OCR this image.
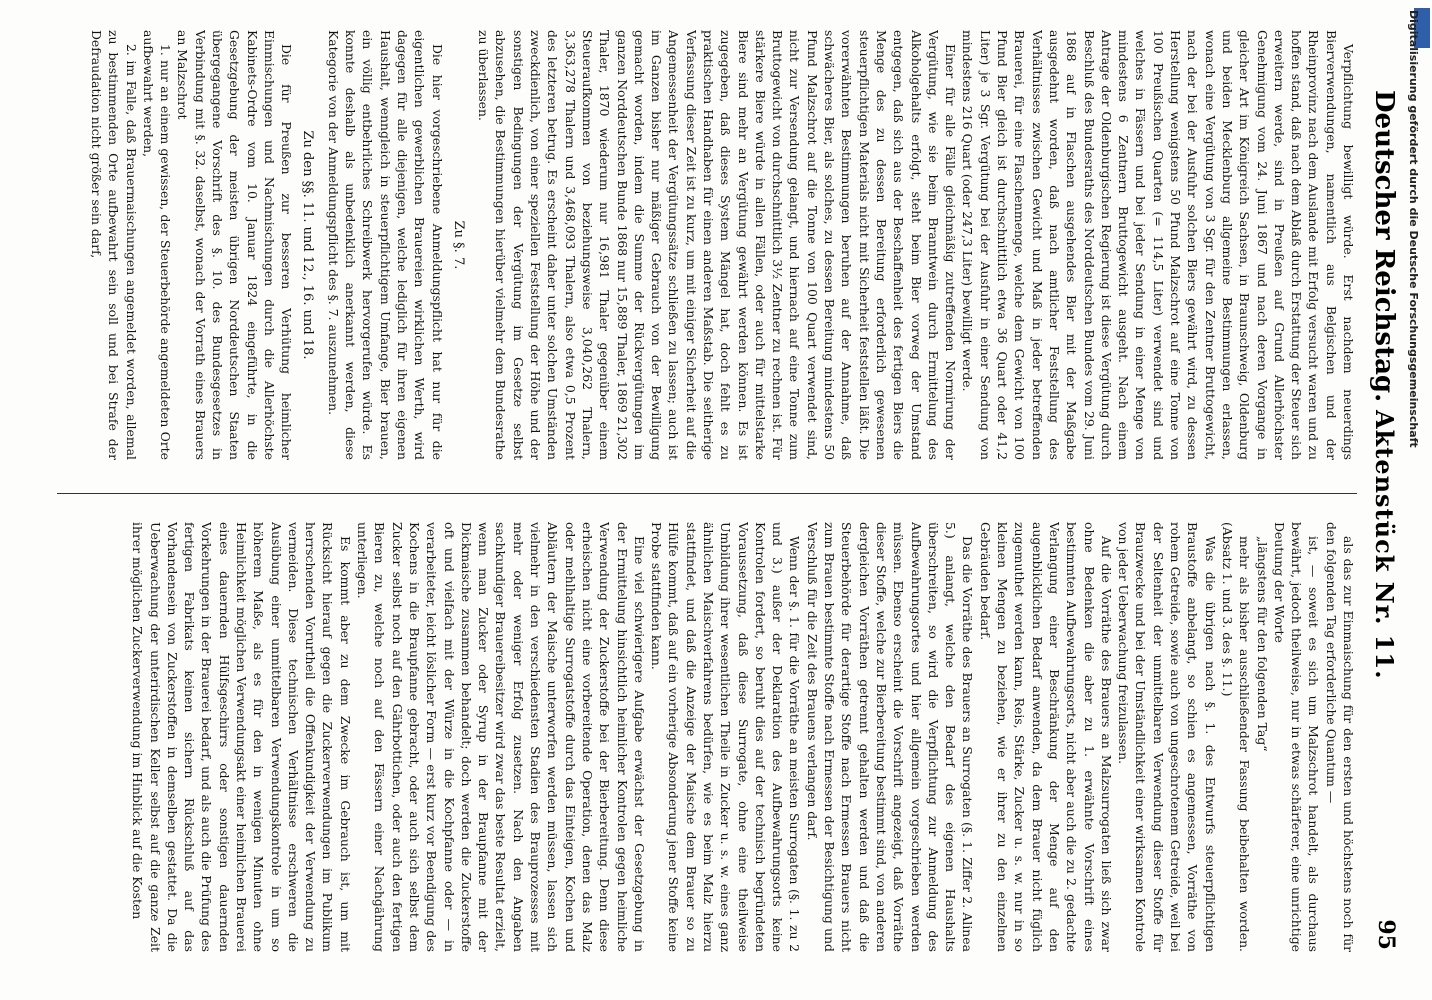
Digitalisierung gefördert durch die Deutsche Forschungsgemeinschaft
Deutscher Reichstag.
Aktenstück Nr. 11.
95

Verpflichtung bewilligt würde. Erst nachdem neuerdings Bierverwendungen, namentlich aus Belgischen und der Rheinprovinz nach dem Auslande mit Erfolg versucht waren und zu hoffen stand, daß nach dem Ablaß durch Erstattung der Steuer sich erweitern werde, sind in Preußen auf Grund Allerhöchster Genehmigung vom 24. Juni 1867 und nach deren Vorgange in gleicher Art im Königreich Sachsen, in Braunschweig, Oldenburg und beiden Mecklenburg allgemeine Bestimmungen erlassen, wonach eine Vergütung von 3 Sgr. für den Zentner Bruttogewicht, nach der bei der Ausfuhr solchen Biers gewährt wird, zu dessen Herstellung wenigstens 50 Pfund Malzschrot auf eine Tonne von 100 Preußischen Quarten (= 114,5 Liter) verwendet sind und welches in Fässern und bei jeder Sendung in einer Menge von mindestens 6 Zentnern Bruttogewicht ausgeht. Nach einem Antrage der Oldenburgischen Regierung ist diese Vergütung durch Beschluß des Bundesraths des Norddeutschen Bundes vom 29. Juni 1868 auf in Flaschen ausgehendes Bier mit der Maßgabe ausgedehnt worden, daß nach amtlicher Feststellung des Verhältnisses zwischen Gewicht und Maß in jeder betreffenden Brauerei, für eine Flaschenmenge, welche dem Gewicht von 100 Pfund Bier gleich ist durchschnittlich etwa 36 Quart oder 41,2 Liter) je 3 Sgr. Vergütung bei der Ausfuhr in einer Sendung von mindestens 216 Quart (oder 247,3 Liter) bewilligt werde.

Einer für alle Fälle gleichmäßig zutreffenden Normirung der Vergütung, wie sie beim Branntwein durch Ermittelung des Alkoholgehalts erfolgt, steht beim Bier vorweg der Umstand entgegen, daß sich aus der Beschaffenheit des fertigen Biers die Menge des zu dessen Bereitung erforderlich gewesenen steuerpflichtigen Materials nicht mit Sicherheit feststellen läßt. Die vorerwähnten Bestimmungen beruhen auf der Annahme, daß schwächeres Bier, als solches, zu dessen Bereitung mindestens 50 Pfund Malzschrot auf die Tonne von 100 Quart verwendet sind, nicht zur Versendung gelangt, und hiernach auf eine Tonne zum Bruttogewicht von durchschnittlich 3½ Zentner zu rechnen ist. Für stärkere Biere würde in allen Fällen, oder auch für mittelstarke Biere sind mehr an Vergütung gewährt werden können. Es ist zugegeben, daß dieses System Mängel hat, doch fehlt es zu praktischen Handhaben für einen anderen Maßstab. Die seitherige Verfassung dieser Zeit ist zu kurz, um mit einiger Sicherheit auf die Angemessenheit der Vergütungssätze schließen zu lassen; auch ist im Ganzen bisher nur mäßiger Gebrauch von der Bewilligung gemacht worden, indem die Summe der Rückvergütungen im ganzen Norddeutschen Bunde 1868 nur 15,889 Thaler, 1869 21,302 Thaler, 1870 wiederum nur 16,981 Thaler gegenüber einem Steueraufkommen von beziehungsweise 3,040,262 Thalern, 3,363,278 Thalern und 3,468,093 Thalern, also etwa 0,5 Prozent des letzteren betrug. Es erscheint daher unter solchen Umständen zweckdienlich, von einer speziellen Feststellung der Höhe und der sonstigen Bedingungen der Vergütung im Gesetze selbst abzusehen, die Bestimmungen hierüber vielmehr dem Bundesrathe zu überlassen.

Zu §. 7.

Die hier vorgeschriebene Anmeldungspflicht hat nur für die eigentlichen gewerblichen Brauereien wirklichen Werth, wird dagegen für alle diejenigen, welche lediglich für ihren eigenen Haushalt, wenngleich in steuerpflichtigem Umfange, Bier brauen, ein völlig entbehrliches Schreibwerk hervorgerufen würde. Es konnte deshalb als unbedenklich anerkannt werden, diese Kategorie von der Anmeldungspflicht des §. 7. auszunehmen.

Zu den §§. 11. und 12., 16. und 18.

Die für Preußen zur besseren Verhütung heimlicher Einmischungen und Nachmischungen durch die Allerhöchste Kabinets-Ordre vom 10. Januar 1824 eingeführte, in die Gesetzgebung der meisten übrigen Norddeutschen Staaten übergegangene Vorschrift des §. 10. des Bundesgesetzes in Verbindung mit §. 32. daselbst, wonach der Vorrath eines Brauers an Malzschrot

1. nur an einem gewissen, der Steuerbehörde angemeldeten Orte aufbewahrt werden,

2. im Falle, daß Brauermaischungen angemeldet worden, allemal zu bestimmenden Orte aufbewahrt sein soll und bei Strafe der Defraudation nicht größer sein darf,

als das zur Einmaischung für den ersten und höchstens noch für den folgenden Tag erforderliche Quantum —

ist, — soweit es sich um Malzschrot handelt, als durchaus bewährt, jedoch theilweise, nur in etwas schärferer, eine unrichtige Deutung der Worte

„längstens für den folgenden Tag“

mehr als bisher ausschließender Fassung beibehalten worden. (Absatz 1. und 3. des §. 11.)

Was die übrigen nach §. 1. des Entwurfs steuerpflichtigen Braustoffe anbelangt, so schien es angemessen, Vorräthe von rohem Getreide, sowie auch von ungeschrotenem Getreide, weil bei der Seltenheit der unmittelbaren Verwendung dieser Stoffe für Brauzwecke und bei der Umständlichkeit einer wirksamen Kontrole von jeder Ueberwachung freizulassen.

Auf die Vorräthe des Brauers an Malzsurrogaten ließ sich zwar ohne Bedenken die aber zu 1. erwähnte Vorschrift eines bestimmten Aufbewahrungsorts, nicht aber auch die zu 2. gedachte Verlangung einer Beschränkung der Menge auf den augenblicklichen Bedarf anwenden, da dem Brauer nicht füglich zugemuthet werden kann, Reis, Stärke, Zucker u. s. w. nur in so kleinen Mengen zu beziehen, wie er ihrer zu den einzelnen Gebräuden bedarf.

Das die Vorräthe des Brauers an Surrogaten (§. 1. Ziffer 2. Alinea 5.) anlangt, welche den Bedarf des eigenen Haushalts überschreiten, so wird die Verpflichtung zur Anmeldung des Aufbewahrungsortes und hier allgemein vorgeschrieben werden müssen. Ebenso erscheint die Vorschrift angezeigt, daß Vorräthe dieser Stoffe, welche zur Bierbereitung bestimmt sind, von anderen dergleichen Vorräthen getrennt gehalten werden und daß die Steuerbehörde für derartige Stoffe nach Ermessen Brauers nicht zum Brauen bestimmte Stoffe nach Ermessen der Besichtigung und Verschluß für die Zeit des Brauens verlangen darf.

Wenn der §. 1. für die Vorräthe an meisten Surrogaten (§. 1. zu 2 und 3.) außer der Deklaration des Aufbewahrungsorts keine Kontrolen fordert, so beruht dies auf der technisch begründeten Voraussetzung, daß diese Surrogate, ohne eine theilweise Umbildung ihrer wesentlichen Theile in Zucker u. s. w. eines ganz ähnlichen Maischverfahrens bedürfen, wie es beim Malz hierzu stattfindet, und daß die Anzeige der Maische dem Brauer so zu Hülfe kommt, daß auf ein vorherige Absonderung jener Stoffe keine Probe stattfinden kann.

Eine viel schwierigere Aufgabe erwächst der Gesetzgebung in der Ermittelung hinsichtlich heimlicher Kontrolen gegen heimliche Verwendung der Zuckerstoffe bei der Bierbereitung. Denn diese erheischen nicht eine vorbereitende Operation, denen das Malz oder mehlhaltige Surrogatstoffe durch das Einteigen, Kochen und Abläutern der Maische unterworfen werden müssen, lassen sich vielmehr in den verschiedensten Stadien des Brauprozesses mit mehr oder weniger Erfolg zusetzen. Nach den Angaben sachkundiger Brauereibesitzer wird zwar das beste Resultat erzielt, wenn man Zucker oder Syrup in der Braupfanne mit der Dickmaische zusammen behandelt; doch werden die Zuckerstoffe oft und vielfach mit der Würze in die Kochpfanne oder — in verarbeiteter, leicht löslicher Form — erst kurz vor Beendigung des Kochens in die Braupfanne gebracht, oder auch sich selbst dem Zucker selbst noch auf den Gährbottichen, oder auch den fertigen Bieren zu, welche noch auf den Fässern einer Nachgährung unterliegen.

Es kommt aber zu dem Zwecke im Gebrauch ist, um mit Rücksicht hierauf gegen die Zuckerverwendungen im Publikum herrschenden Vorurtheil die Offenkundigkeit der Verwendung zu vermeiden. Diese technischen Verhältnisse erschweren die Ausübung einer unmittelbaren Verwendungskontrole in um so höherem Maße, als es für den in wenigen Minuten ohne Heimlichkeit möglichen Verwendungsakt einer heimlichen Brauerei eines dauernden Hülfsgeschirrs oder sonstigen dauernden Vorkehrungen in der Brauerei bedarf, und als auch die Prüfung des fertigen Fabrikats keinen sichern Rückschluß auf das Vorhandensein von Zuckerstoffen in demselben gestattet. Da die Ueberwachung der unterirdischen Keller selbst auf die ganze Zeit ihrer möglichen Zuckerverwendung im Hinblick auf die Kosten
